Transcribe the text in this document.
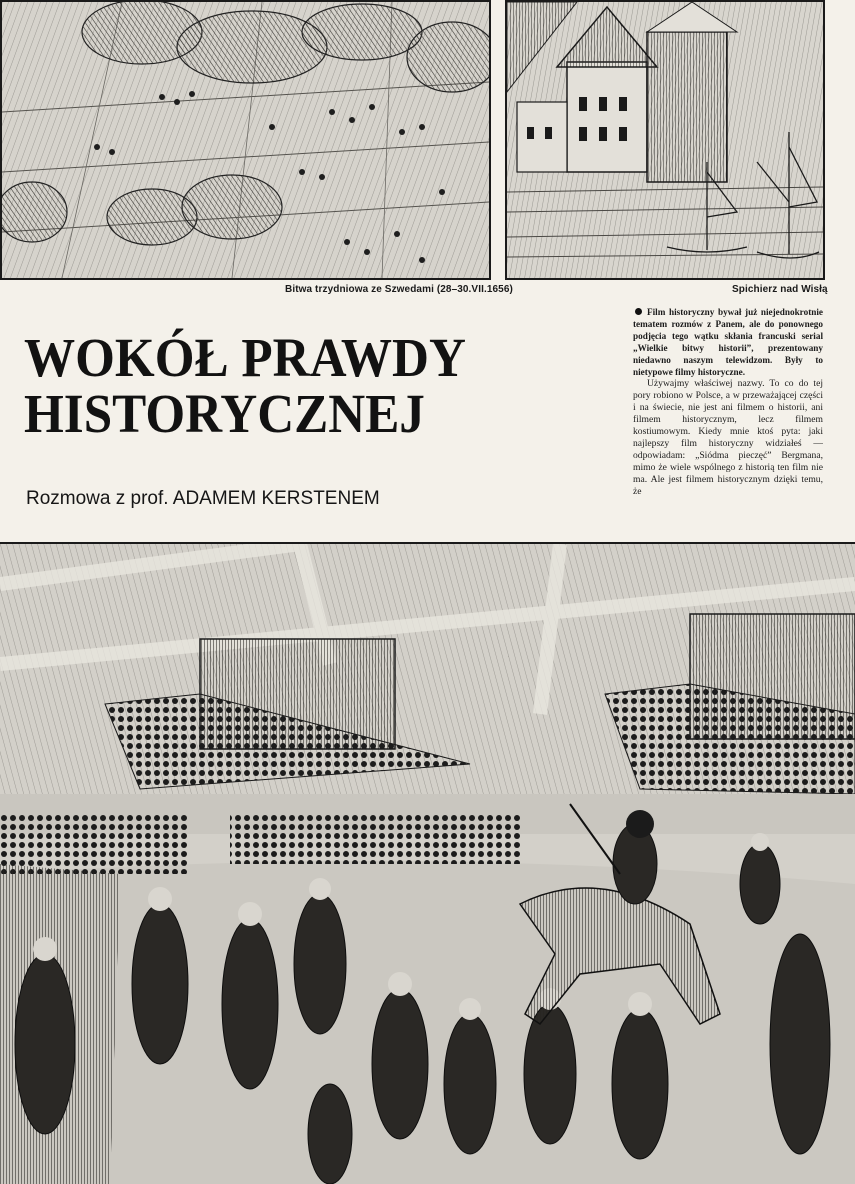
Bitwa trzydniowa ze Szwedami (28–30.VII.1656)	Spichierz nad Wisłą
WOKÓŁ PRAWDY
HISTORYCZNEJ
Rozmowa z prof. ADAMEM KERSTENEM

Film historyczny bywał już niejednokrotnie tematem rozmów z Panem, ale do ponownego podjęcia tego wątku skłania francuski serial „Wielkie bitwy historii”, prezentowany niedawno naszym telewidzom. Były to nietypowe filmy historyczne.

Używajmy właściwej nazwy. To co do tej pory robiono w Polsce, a w przeważającej części i na świecie, nie jest ani filmem o historii, ani filmem historycznym, lecz filmem kostiumowym. Kiedy mnie ktoś pyta: jaki najlepszy film historyczny widziałeś — odpowiadam: „Siódma pieczęć” Bergmana, mimo że wiele wspólnego z historią ten film nie ma. Ale jest filmem historycznym dzięki temu, że
